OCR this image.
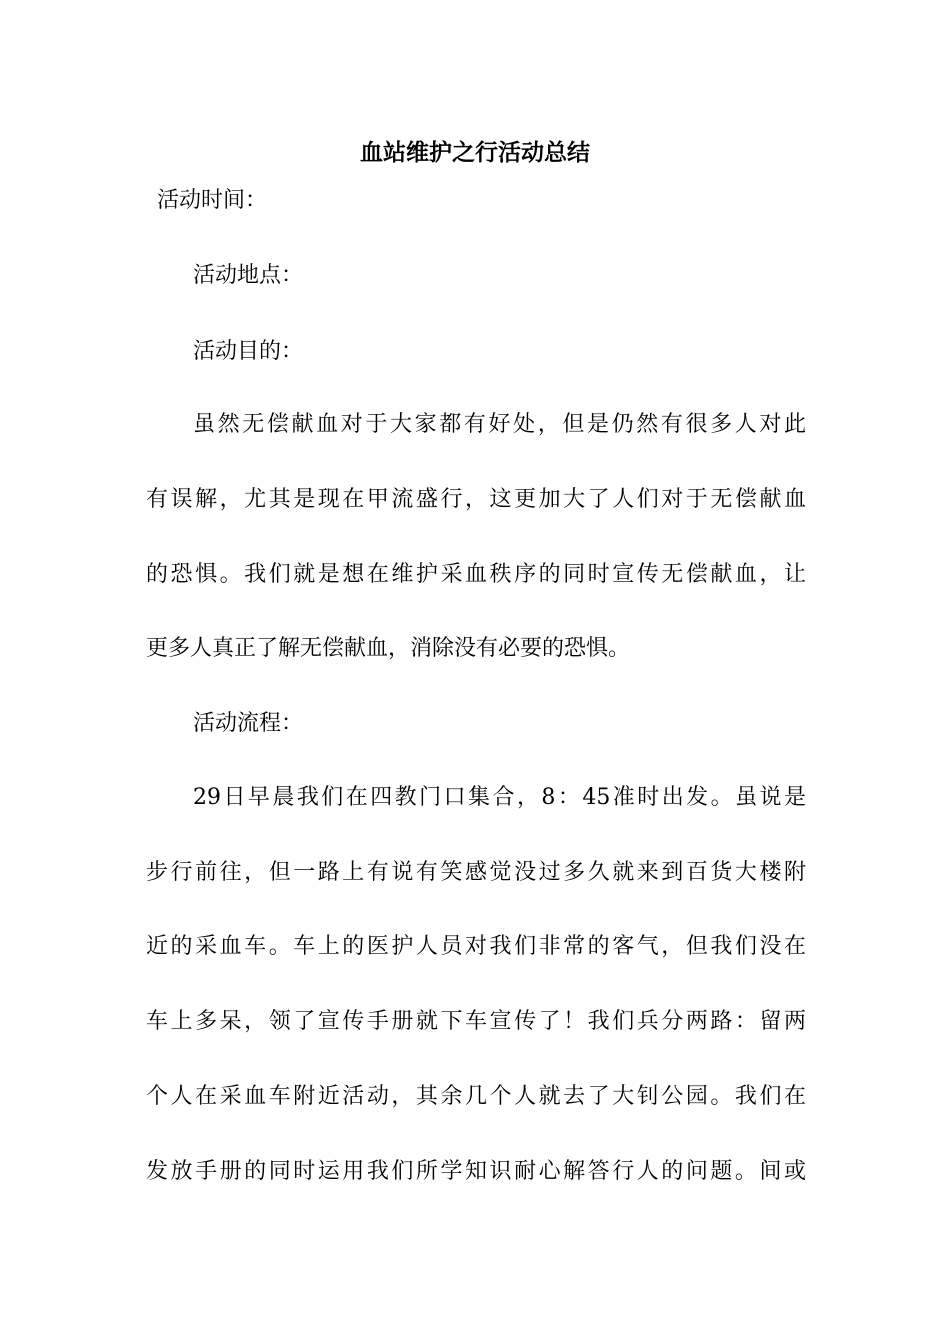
血站维护之行活动总结
活动时间：
活动地点：
活动目的：
虽然无偿献血对于大家都有好处，但是仍然有很多人对此
有误解，尤其是现在甲流盛行，这更加大了人们对于无偿献血
的恐惧。我们就是想在维护采血秩序的同时宣传无偿献血，让
更多人真正了解无偿献血，消除没有必要的恐惧。
活动流程：
29日早晨我们在四教门口集合，8：45准时出发。虽说是
步行前往，但一路上有说有笑感觉没过多久就来到百货大楼附
近的采血车。车上的医护人员对我们非常的客气，但我们没在
车上多呆，领了宣传手册就下车宣传了！我们兵分两路：留两
个人在采血车附近活动，其余几个人就去了大钊公园。我们在
发放手册的同时运用我们所学知识耐心解答行人的问题。间或
